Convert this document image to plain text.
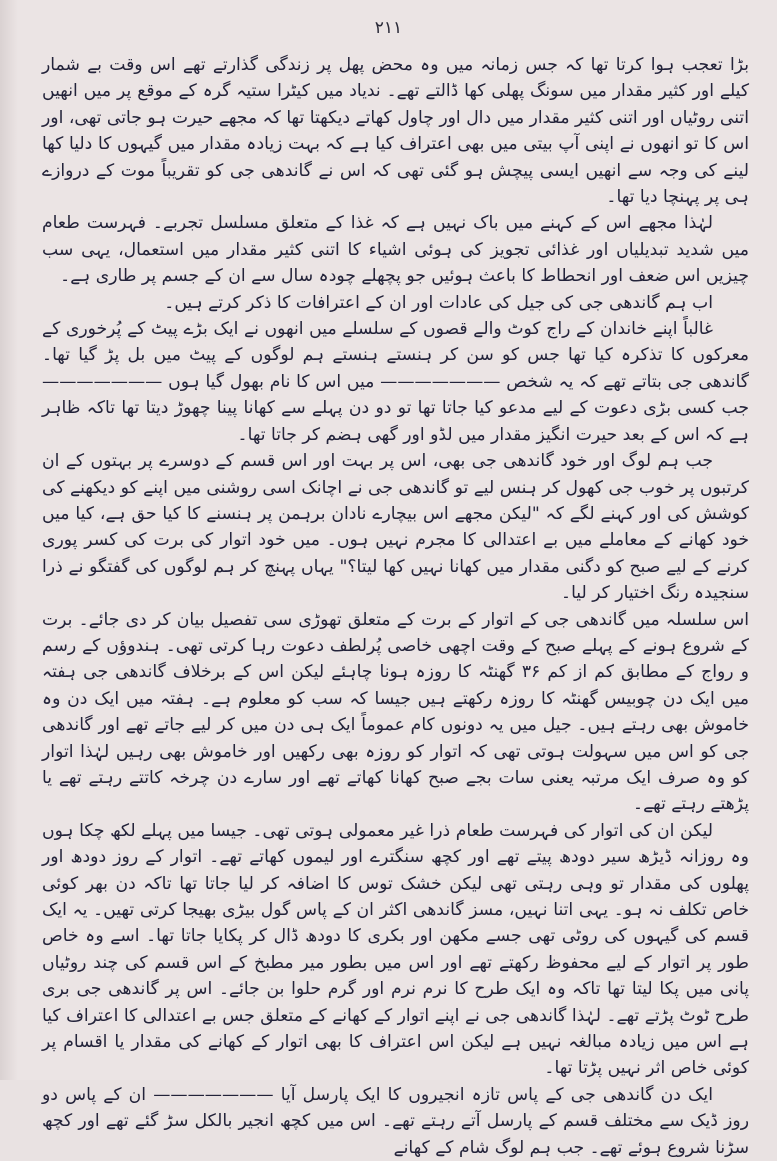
۲۱۱

بڑا تعجب ہوا کرتا تھا کہ جس زمانہ میں وہ محض پھل پر زندگی گذارتے تھے اس وقت بے شمار کیلے اور کثیر مقدار میں سونگ پھلی کھا ڈالتے تھے۔ ندیاد میں کیٹرا ستیہ گرہ کے موقع پر میں انھیں اتنی روٹیاں اور اتنی کثیر مقدار میں دال اور چاول کھاتے دیکھتا تھا کہ مجھے حیرت ہو جاتی تھی، اور اس کا تو انھوں نے اپنی آپ بیتی میں بھی اعتراف کیا ہے کہ بہت زیادہ مقدار میں گیہوں کا دلیا کھا لینے کی وجہ سے انھیں ایسی پیچش ہو گئی تھی کہ اس نے گاندھی جی کو تقریباً موت کے دروازے ہی پر پہنچا دیا تھا۔

لہٰذا مجھے اس کے کہنے میں باک نہیں ہے کہ غذا کے متعلق مسلسل تجربے۔ فہرست طعام میں شدید تبدیلیاں اور غذائی تجویز کی ہوئی اشیاء کا اتنی کثیر مقدار میں استعمال، یہی سب چیزیں اس ضعف اور انحطاط کا باعث ہوئیں جو پچھلے چودہ سال سے ان کے جسم پر طاری ہے۔

اب ہم گاندھی جی کی جیل کی عادات اور ان کے اعترافات کا ذکر کرتے ہیں۔

غالباً اپنے خاندان کے راج کوٹ والے قصوں کے سلسلے میں انھوں نے ایک بڑے پیٹ کے پُرخوری کے معرکوں کا تذکرہ کیا تھا جس کو سن کر ہنستے ہنستے ہم لوگوں کے پیٹ میں بل پڑ گیا تھا۔ گاندھی جی بتاتے تھے کہ یہ شخص ——————— میں اس کا نام بھول گیا ہوں ——————— جب کسی بڑی دعوت کے لیے مدعو کیا جاتا تھا تو دو دن پہلے سے کھانا پینا چھوڑ دیتا تھا تاکہ ظاہر ہے کہ اس کے بعد حیرت انگیز مقدار میں لڈو اور گھی ہضم کر جاتا تھا۔

جب ہم لوگ اور خود گاندھی جی بھی، اس پر بہت اور اس قسم کے دوسرے پر بہتوں کے ان کرتبوں پر خوب جی کھول کر ہنس لیے تو گاندھی جی نے اچانک اسی روشنی میں اپنے کو دیکھنے کی کوشش کی اور کہنے لگے کہ "لیکن مجھے اس بیچارے نادان برہمن پر ہنسنے کا کیا حق ہے، کیا میں خود کھانے کے معاملے میں بے اعتدالی کا مجرم نہیں ہوں۔ میں خود اتوار کی برت کی کسر پوری کرنے کے لیے صبح کو دگنی مقدار میں کھانا نہیں کھا لیتا؟" یہاں پہنچ کر ہم لوگوں کی گفتگو نے ذرا سنجیدہ رنگ اختیار کر لیا۔

اس سلسلہ میں گاندھی جی کے اتوار کے برت کے متعلق تھوڑی سی تفصیل بیان کر دی جائے۔ برت کے شروع ہونے کے پہلے صبح کے وقت اچھی خاصی پُرلطف دعوت رہا کرتی تھی۔ ہندوؤں کے رسم و رواج کے مطابق کم از کم ۳۶ گھنٹہ کا روزہ ہونا چاہئے لیکن اس کے برخلاف گاندھی جی ہفتہ میں ایک دن چوبیس گھنٹہ کا روزہ رکھتے ہیں جیسا کہ سب کو معلوم ہے۔ ہفتہ میں ایک دن وہ خاموش بھی رہتے ہیں۔ جیل میں یہ دونوں کام عموماً ایک ہی دن میں کر لیے جاتے تھے اور گاندھی جی کو اس میں سہولت ہوتی تھی کہ اتوار کو روزہ بھی رکھیں اور خاموش بھی رہیں لہٰذا اتوار کو وہ صرف ایک مرتبہ یعنی سات بجے صبح کھانا کھاتے تھے اور سارے دن چرخہ کاتتے رہتے تھے یا پڑھتے رہتے تھے۔

لیکن ان کی اتوار کی فہرست طعام ذرا غیر معمولی ہوتی تھی۔ جیسا میں پہلے لکھ چکا ہوں وہ روزانہ ڈیڑھ سیر دودھ پیتے تھے اور کچھ سنگترے اور لیموں کھاتے تھے۔ اتوار کے روز دودھ اور پھلوں کی مقدار تو وہی رہتی تھی لیکن خشک توس کا اضافہ کر لیا جاتا تھا تاکہ دن بھر کوئی خاص تکلف نہ ہو۔ یہی اتنا نہیں، مسز گاندھی اکثر ان کے پاس گول بیڑی بھیجا کرتی تھیں۔ یہ ایک قسم کی گیہوں کی روٹی تھی جسے مکھن اور بکری کا دودھ ڈال کر پکایا جاتا تھا۔ اسے وہ خاص طور پر اتوار کے لیے محفوظ رکھتے تھے اور اس میں بطور میر مطبخ کے اس قسم کی چند روٹیاں پانی میں پکا لیتا تھا تاکہ وہ ایک طرح کا نرم نرم اور گرم حلوا بن جائے۔ اس پر گاندھی جی بری طرح ٹوٹ پڑتے تھے۔ لہٰذا گاندھی جی نے اپنے اتوار کے کھانے کے متعلق جس بے اعتدالی کا اعتراف کیا ہے اس میں زیادہ مبالغہ نہیں ہے لیکن اس اعتراف کا بھی اتوار کے کھانے کی مقدار یا اقسام پر کوئی خاص اثر نہیں پڑتا تھا۔

ایک دن گاندھی جی کے پاس تازہ انجیروں کا ایک پارسل آیا ——————— ان کے پاس دو روز ڈیک سے مختلف قسم کے پارسل آتے رہتے تھے۔ اس میں کچھ انجیر بالکل سڑ گئے تھے اور کچھ سڑنا شروع ہوئے تھے۔ جب ہم لوگ شام کے کھانے
